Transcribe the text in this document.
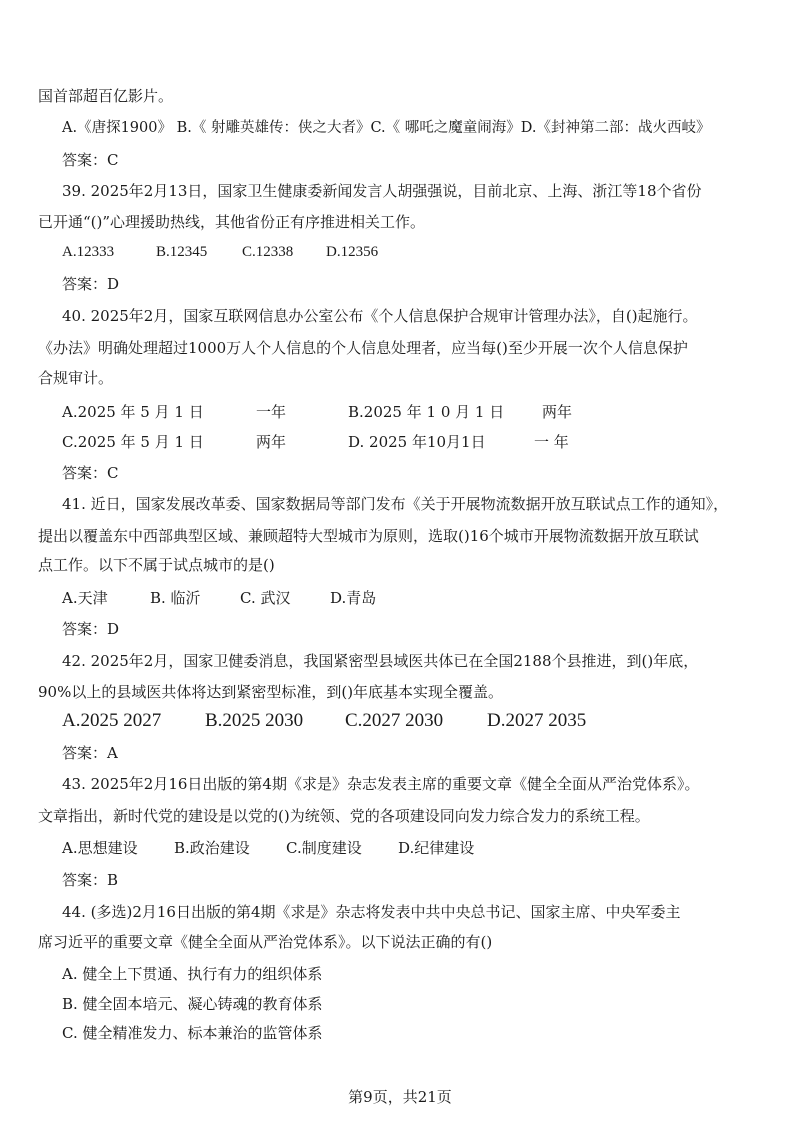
国首部超百亿影片。
A.《唐探1900》 B.《 射雕英雄传：侠之大者》C.《 哪吒之魔童闹海》D.《封神第二部：战火西岐》
答案：C
39. 2025年2月13日，国家卫生健康委新闻发言人胡强强说，目前北京、上海、浙江等18个省份
已开通“()”心理援助热线，其他省份正有序推进相关工作。
A.12333	B.12345 C.12338 D.12356
答案：D
40. 2025年2月，国家互联网信息办公室公布《个人信息保护合规审计管理办法》，自()起施行。
《办法》明确处理超过1000万人个人信息的个人信息处理者，应当每()至少开展一次个人信息保护
合规审计。
A.2025 年 5 月 1 日	一年	B.2025 年 1 0 月 1 日	两年
C.2025 年 5 月 1 日	两年	D. 2025 年10月1日	一 年
答案：C
41. 近日，国家发展改革委、国家数据局等部门发布《关于开展物流数据开放互联试点工作的通知》，
提出以覆盖东中西部典型区域、兼顾超特大型城市为原则，选取()16个城市开展物流数据开放互联试
点工作。以下不属于试点城市的是()
A.天津	B. 临沂	C. 武汉	D.青岛
答案：D
42. 2025年2月，国家卫健委消息，我国紧密型县域医共体已在全国2188个县推进，到()年底，
90%以上的县域医共体将达到紧密型标准，到()年底基本实现全覆盖。
A.2025 2027 B.2025 2030 C.2027 2030 D.2027 2035
答案：A
43. 2025年2月16日出版的第4期《求是》杂志发表主席的重要文章《健全全面从严治党体系》。
文章指出，新时代党的建设是以党的()为统领、党的各项建设同向发力综合发力的系统工程。
A.思想建设 B.政治建设 C.制度建设 D.纪律建设
答案：B
44. (多选)2月16日出版的第4期《求是》杂志将发表中共中央总书记、国家主席、中央军委主
席习近平的重要文章《健全全面从严治党体系》。以下说法正确的有()
A. 健全上下贯通、执行有力的组织体系
B. 健全固本培元、凝心铸魂的教育体系
C. 健全精准发力、标本兼治的监管体系
第9页，共21页
